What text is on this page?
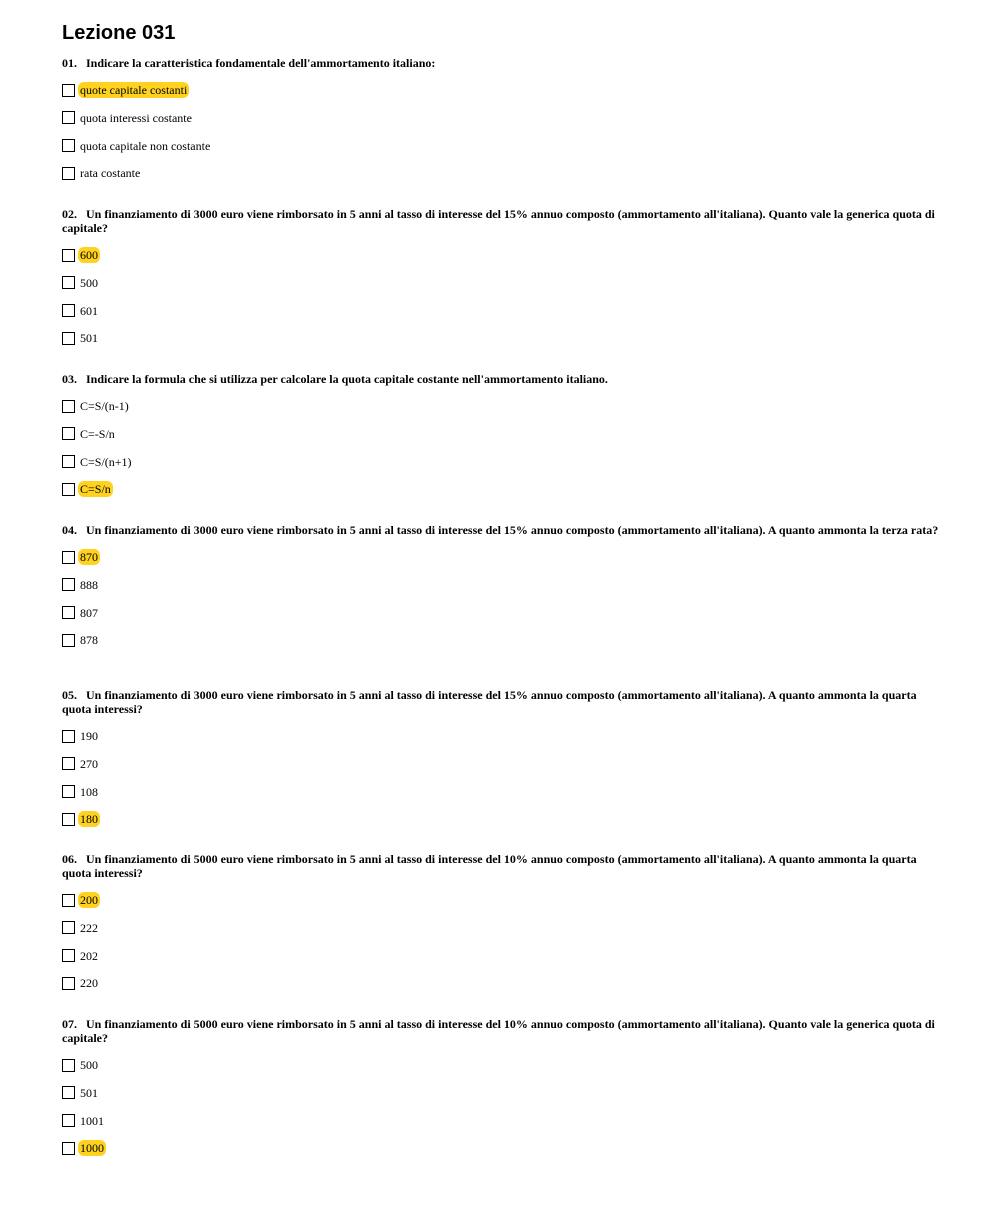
Lezione 031

01. Indicare la caratteristica fondamentale dell'ammortamento italiano:

quote capitale costanti
quota interessi costante
quota capitale non costante
rata costante

02. Un finanziamento di 3000 euro viene rimborsato in 5 anni al tasso di interesse del 15% annuo composto (ammortamento all'italiana). Quanto vale la generica quota di capitale?

600
500
601
501

03. Indicare la formula che si utilizza per calcolare la quota capitale costante nell'ammortamento italiano.

C=S/(n-1)
C=-S/n
C=S/(n+1)
C=S/n

04. Un finanziamento di 3000 euro viene rimborsato in 5 anni al tasso di interesse del 15% annuo composto (ammortamento all'italiana). A quanto ammonta la terza rata?

870
888
807
878

05. Un finanziamento di 3000 euro viene rimborsato in 5 anni al tasso di interesse del 15% annuo composto (ammortamento all'italiana). A quanto ammonta la quarta quota interessi?

190
270
108
180

06. Un finanziamento di 5000 euro viene rimborsato in 5 anni al tasso di interesse del 10% annuo composto (ammortamento all'italiana). A quanto ammonta la quarta quota interessi?

200
222
202
220

07. Un finanziamento di 5000 euro viene rimborsato in 5 anni al tasso di interesse del 10% annuo composto (ammortamento all'italiana). Quanto vale la generica quota di capitale?

500
501
1001
1000
